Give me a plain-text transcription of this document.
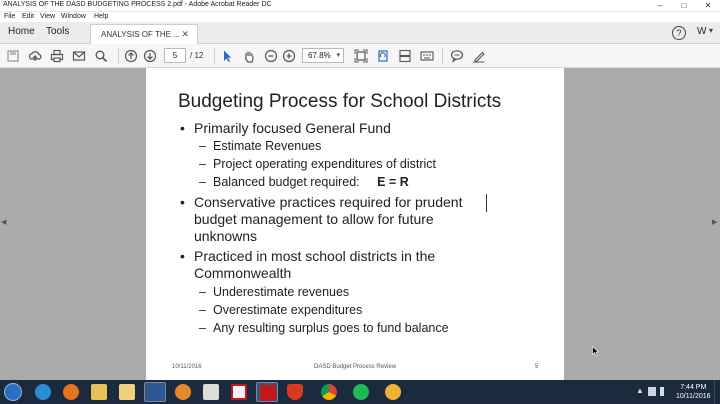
ANALYSIS OF THE DASD BUDGETING PROCESS 2.pdf - Adobe Acrobat Reader DC	–	□	✕
File Edit View Window Help
Home Tools	ANALYSIS OF THE ... ✕	?	W ▾
5	/ 12	67.8% ▾
◀	▶
Budgeting Process for School Districts
• Primarily focused General Fund
– Estimate Revenues
– Project operating expenditures of district
– Balanced budget required: E = R
• Conservative practices required for prudent
budget management to allow for future
unknowns
• Practiced in most school districts in the
Commonwealth
– Underestimate revenues
– Overestimate expenditures
– Any resulting surplus goes to fund balance
10/11/2016	DASD Budget Process Review	5
▲	7:44 PM
10/11/2016
